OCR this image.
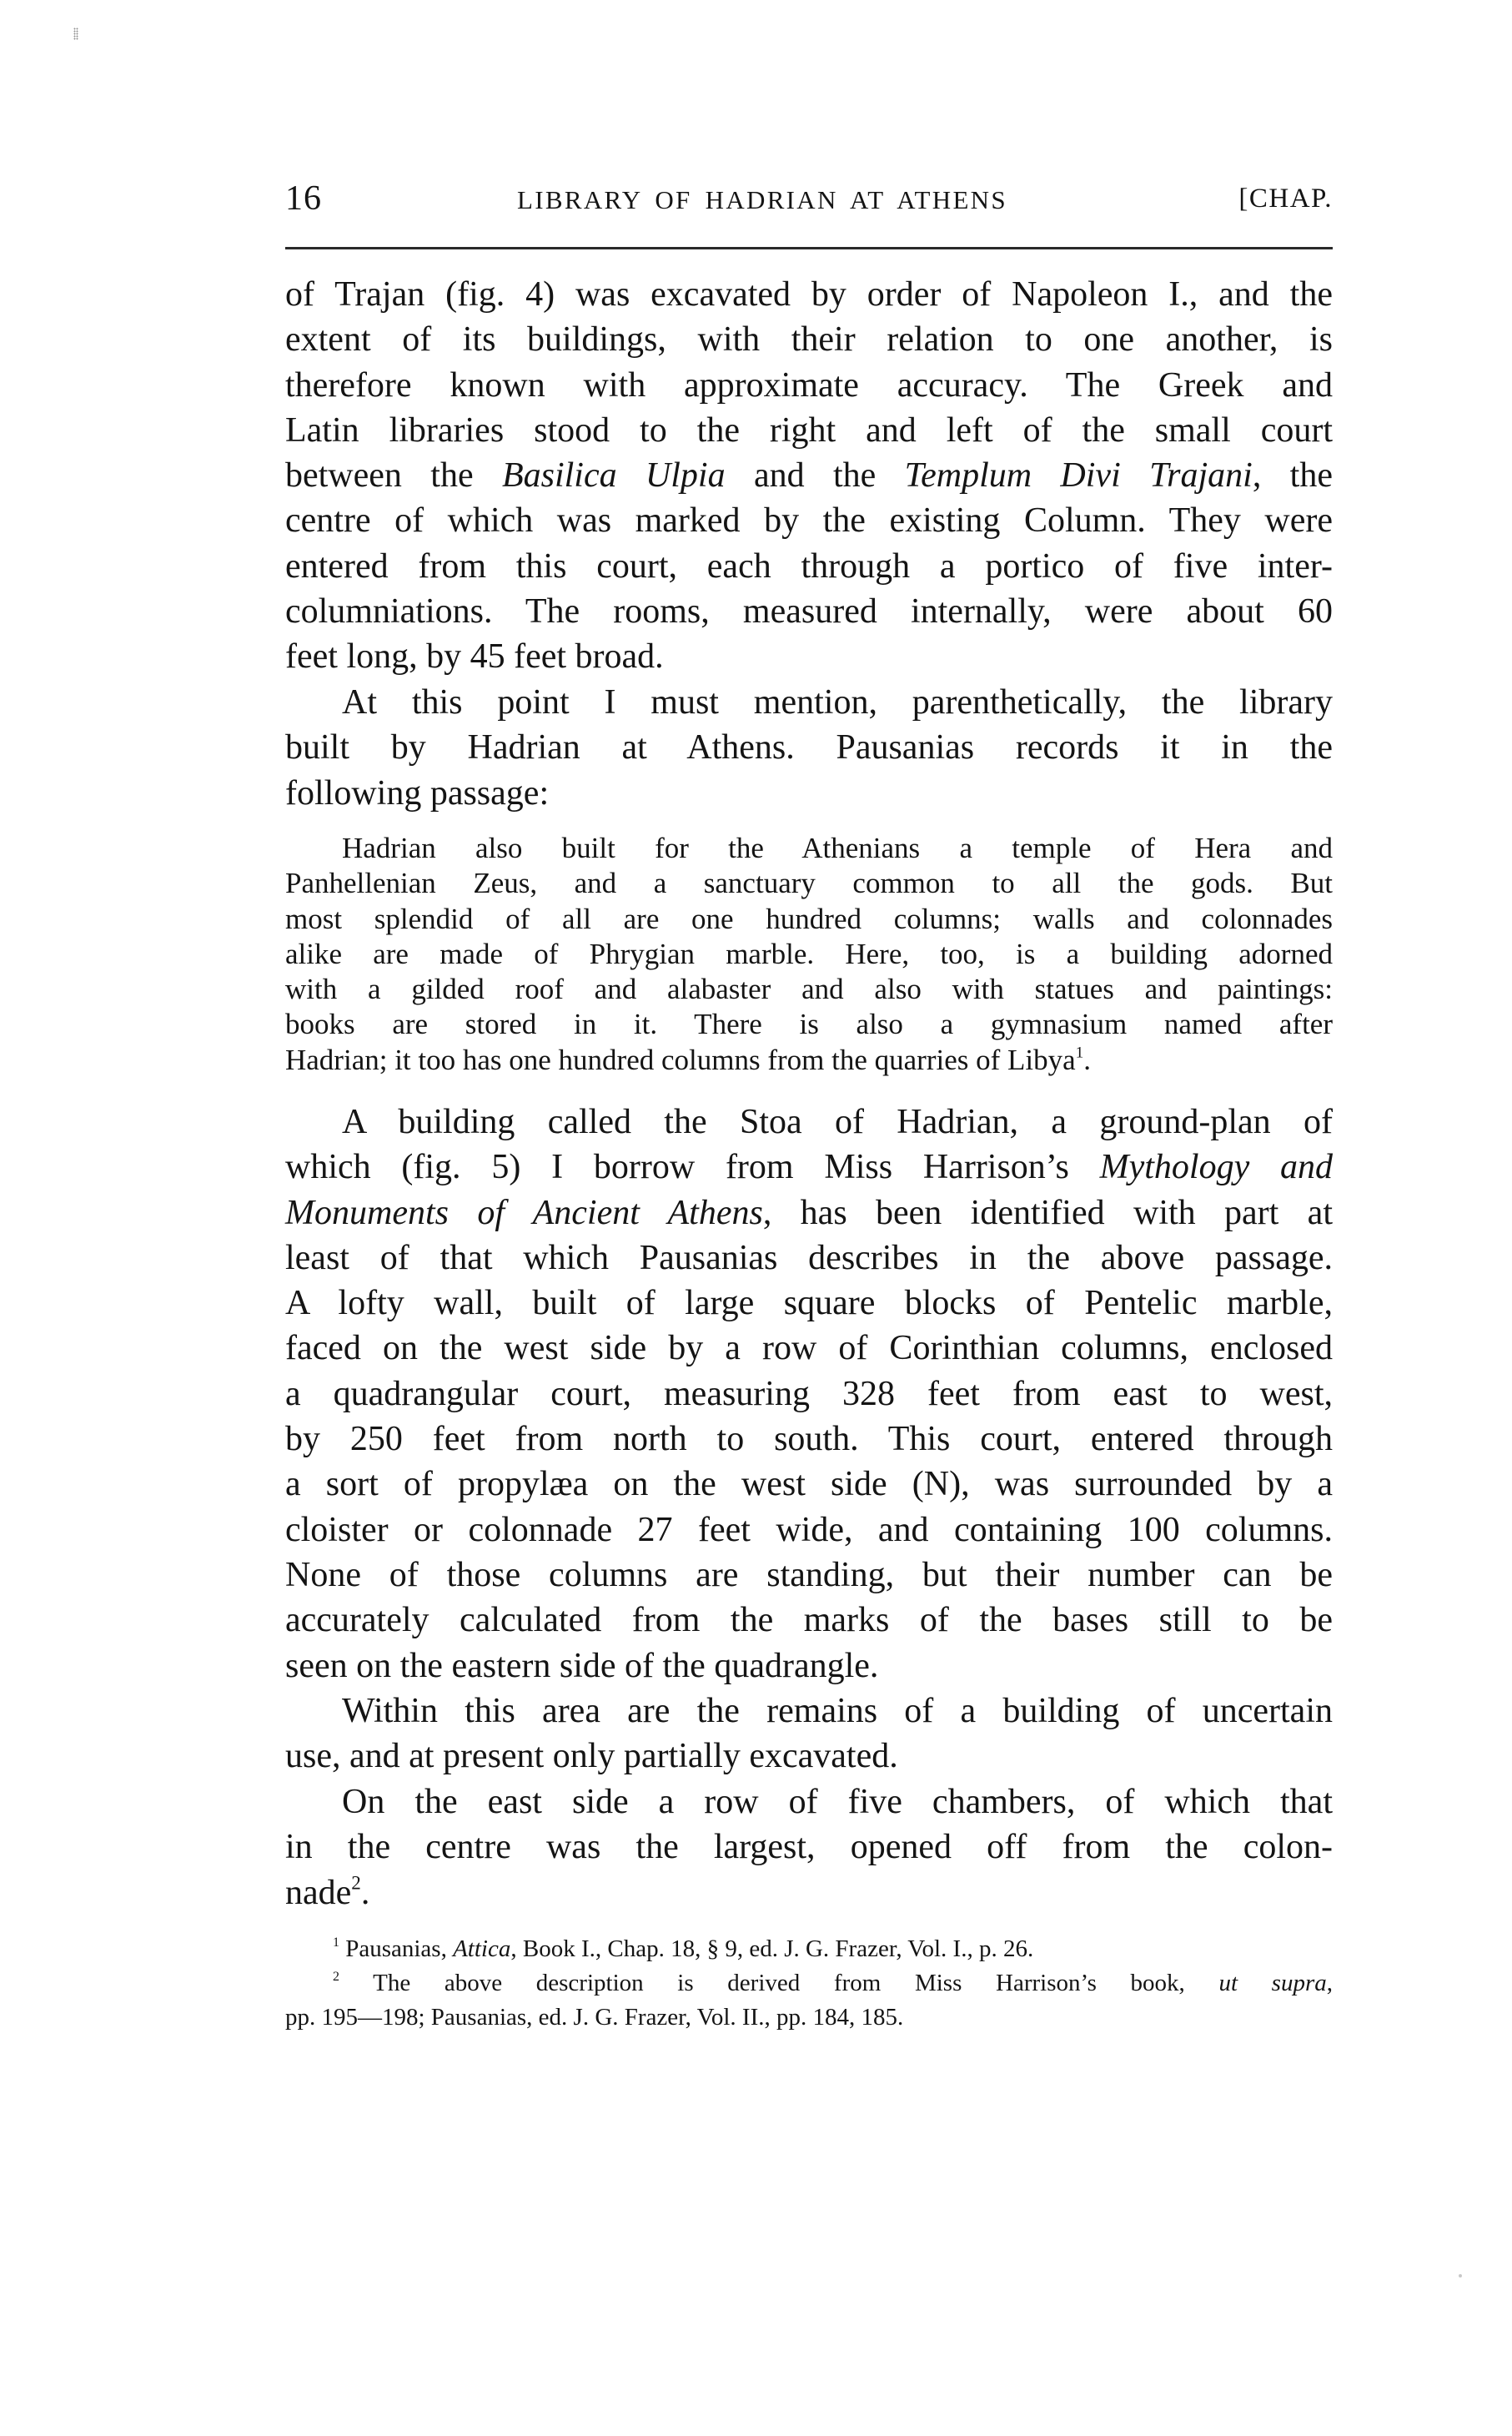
16	LIBRARY OF HADRIAN AT ATHENS	[CHAP.
of Trajan (fig. 4) was excavated by order of Napoleon I., and the
extent of its buildings, with their relation to one another, is
therefore known with approximate accuracy. The Greek and
Latin libraries stood to the right and left of the small court
between the Basilica Ulpia and the Templum Divi Trajani, the
centre of which was marked by the existing Column. They were
entered from this court, each through a portico of five inter-
columniations. The rooms, measured internally, were about 60
feet long, by 45 feet broad.
At this point I must mention, parenthetically, the library
built by Hadrian at Athens. Pausanias records it in the
following passage:
Hadrian also built for the Athenians a temple of Hera and
Panhellenian Zeus, and a sanctuary common to all the gods. But
most splendid of all are one hundred columns; walls and colonnades
alike are made of Phrygian marble. Here, too, is a building adorned
with a gilded roof and alabaster and also with statues and paintings:
books are stored in it. There is also a gymnasium named after
Hadrian; it too has one hundred columns from the quarries of Libya$^1$.
A building called the Stoa of Hadrian, a ground-plan of
which (fig. 5) I borrow from Miss Harrison’s Mythology and
Monuments of Ancient Athens, has been identified with part at
least of that which Pausanias describes in the above passage.
A lofty wall, built of large square blocks of Pentelic marble,
faced on the west side by a row of Corinthian columns, enclosed
a quadrangular court, measuring 328 feet from east to west,
by 250 feet from north to south. This court, entered through
a sort of propylæa on the west side (N), was surrounded by a
cloister or colonnade 27 feet wide, and containing 100 columns.
None of those columns are standing, but their number can be
accurately calculated from the marks of the bases still to be
seen on the eastern side of the quadrangle.
Within this area are the remains of a building of uncertain
use, and at present only partially excavated.
On the east side a row of five chambers, of which that
in the centre was the largest, opened off from the colon-
nade$^2$.
$^1$ Pausanias, Attica, Book I., Chap. 18, § 9, ed. J. G. Frazer, Vol. I., p. 26.
$^2$ The above description is derived from Miss Harrison’s book, ut supra,
pp. 195—198; Pausanias, ed. J. G. Frazer, Vol. II., pp. 184, 185.
